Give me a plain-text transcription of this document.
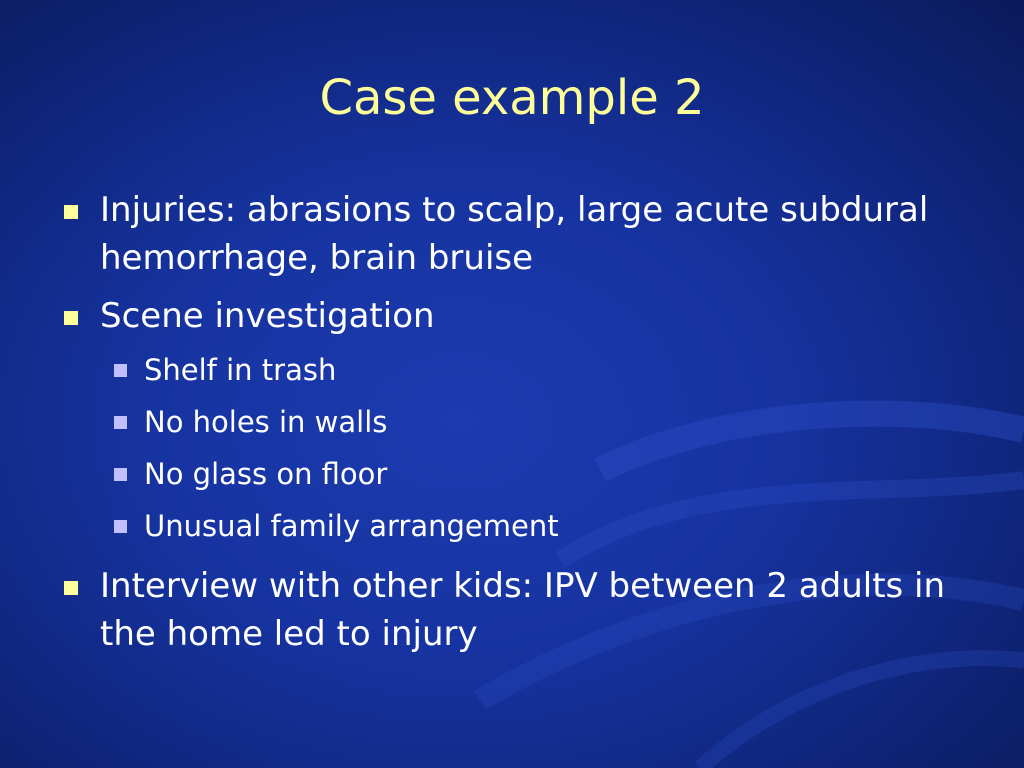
Case example 2
Injuries: abrasions to scalp, large acute subdural hemorrhage, brain bruise
Scene investigation
Shelf in trash
No holes in walls
No glass on floor
Unusual family arrangement
Interview with other kids: IPV between 2 adults in the home led to injury
